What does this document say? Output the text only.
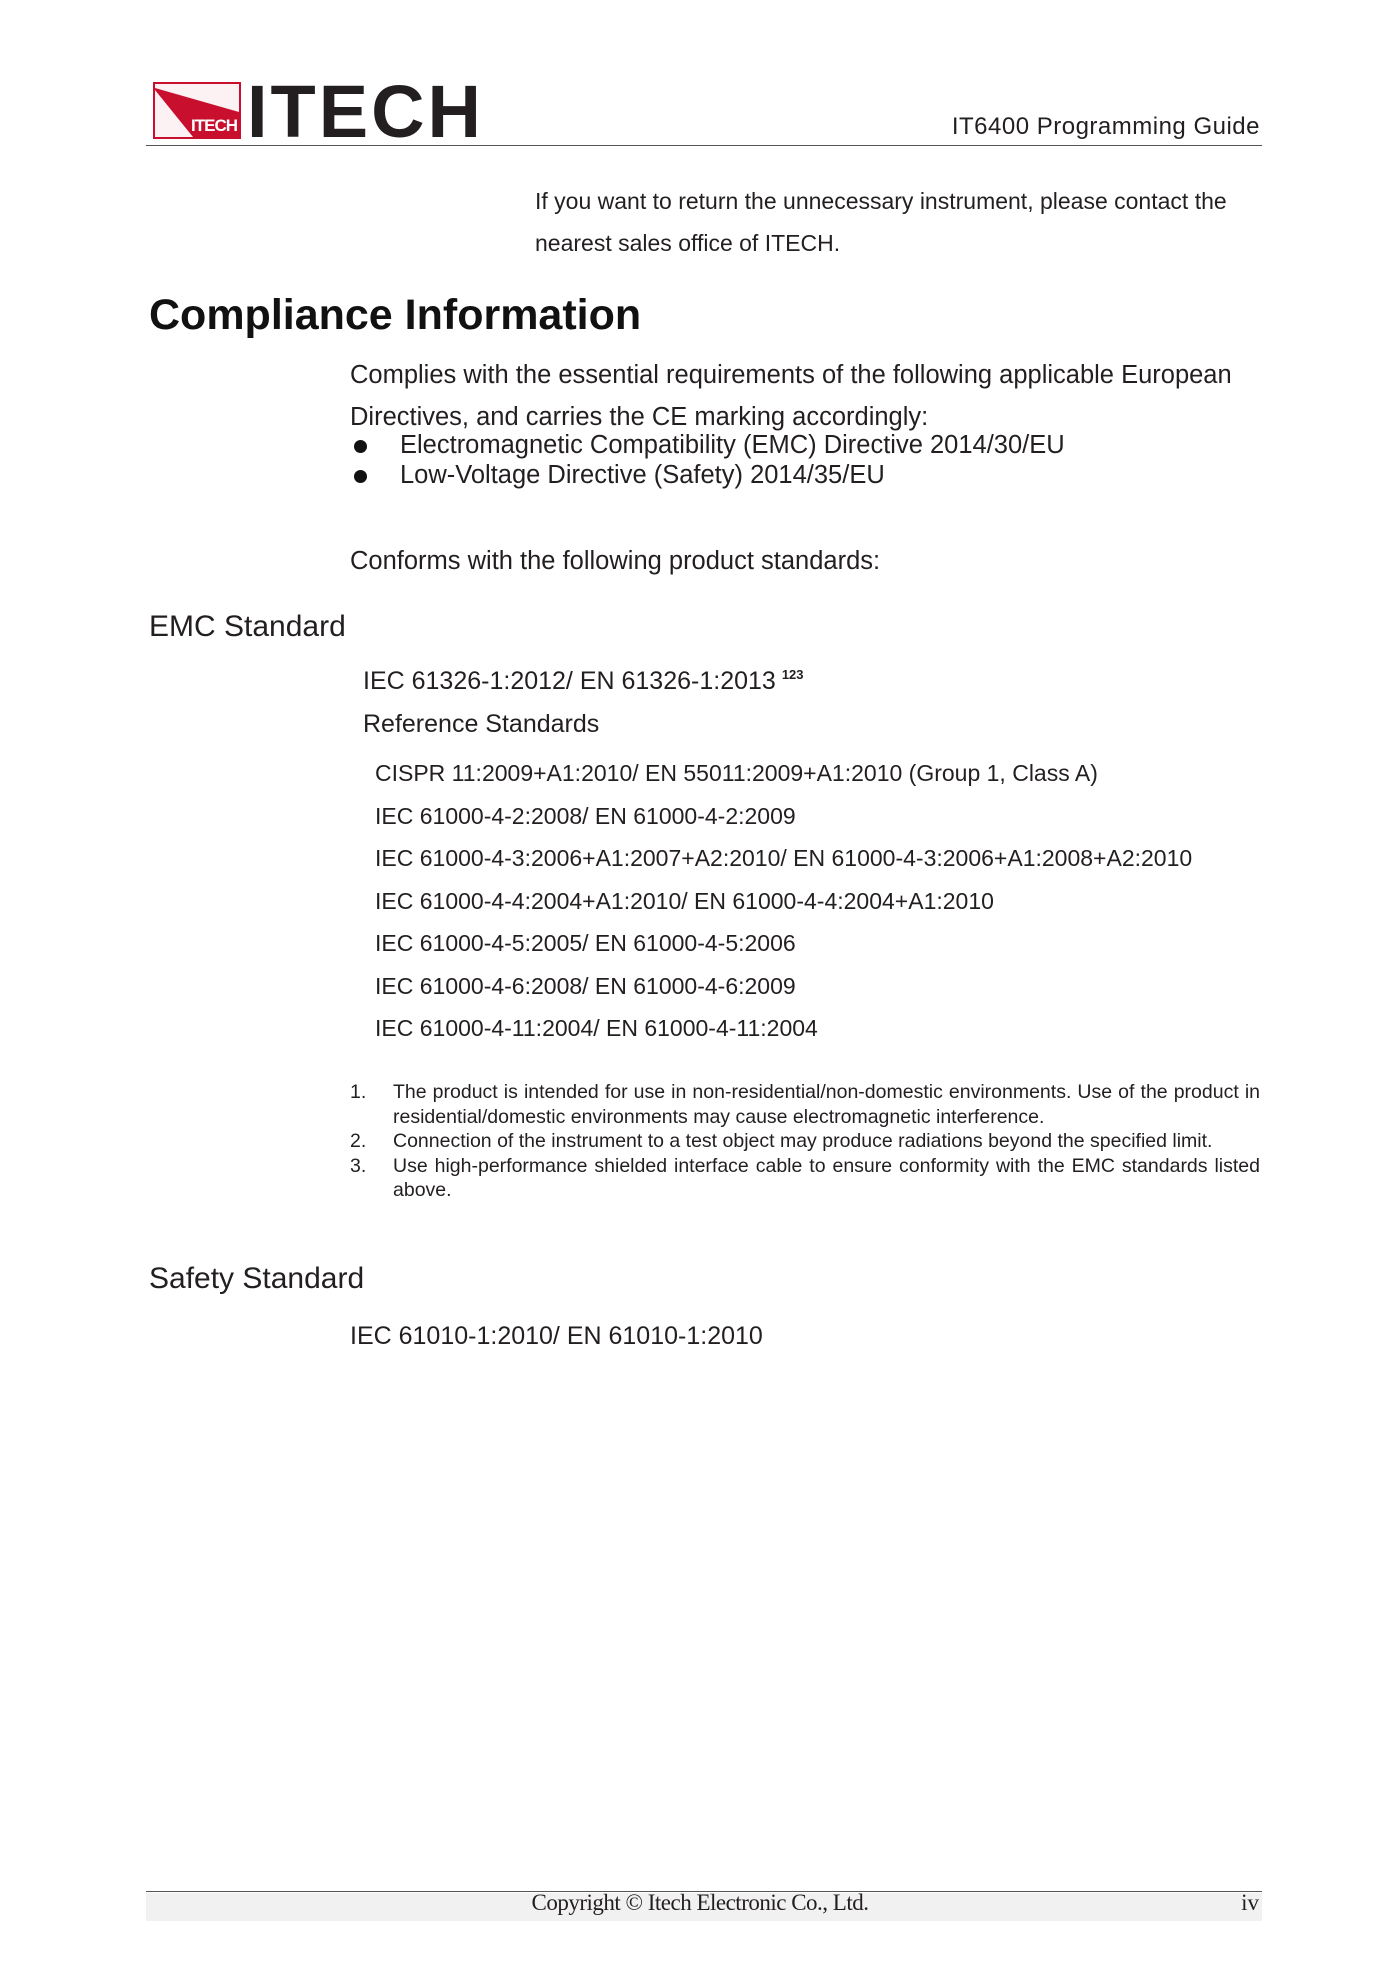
ITECH ITECH	IT6400 Programming Guide
If you want to return the unnecessary instrument, please contact the nearest sales office of ITECH.
Compliance Information
Complies with the essential requirements of the following applicable European Directives, and carries the CE marking accordingly:
Electromagnetic Compatibility (EMC) Directive 2014/30/EU
Low-Voltage Directive (Safety) 2014/35/EU
Conforms with the following product standards:
EMC Standard
IEC 61326-1:2012/ EN 61326-1:2013 $^{123}$
Reference Standards
CISPR 11:2009+A1:2010/ EN 55011:2009+A1:2010 (Group 1, Class A)
IEC 61000-4-2:2008/ EN 61000-4-2:2009
IEC 61000-4-3:2006+A1:2007+A2:2010/ EN 61000-4-3:2006+A1:2008+A2:2010
IEC 61000-4-4:2004+A1:2010/ EN 61000-4-4:2004+A1:2010
IEC 61000-4-5:2005/ EN 61000-4-5:2006
IEC 61000-4-6:2008/ EN 61000-4-6:2009
IEC 61000-4-11:2004/ EN 61000-4-11:2004
1. The product is intended for use in non-residential/non-domestic environments. Use of the product in residential/domestic environments may cause electromagnetic interference.
2. Connection of the instrument to a test object may produce radiations beyond the specified limit.
3. Use high-performance shielded interface cable to ensure conformity with the EMC standards listed above.
Safety Standard
IEC 61010-1:2010/ EN 61010-1:2010
Copyright © Itech Electronic Co., Ltd.	iv
